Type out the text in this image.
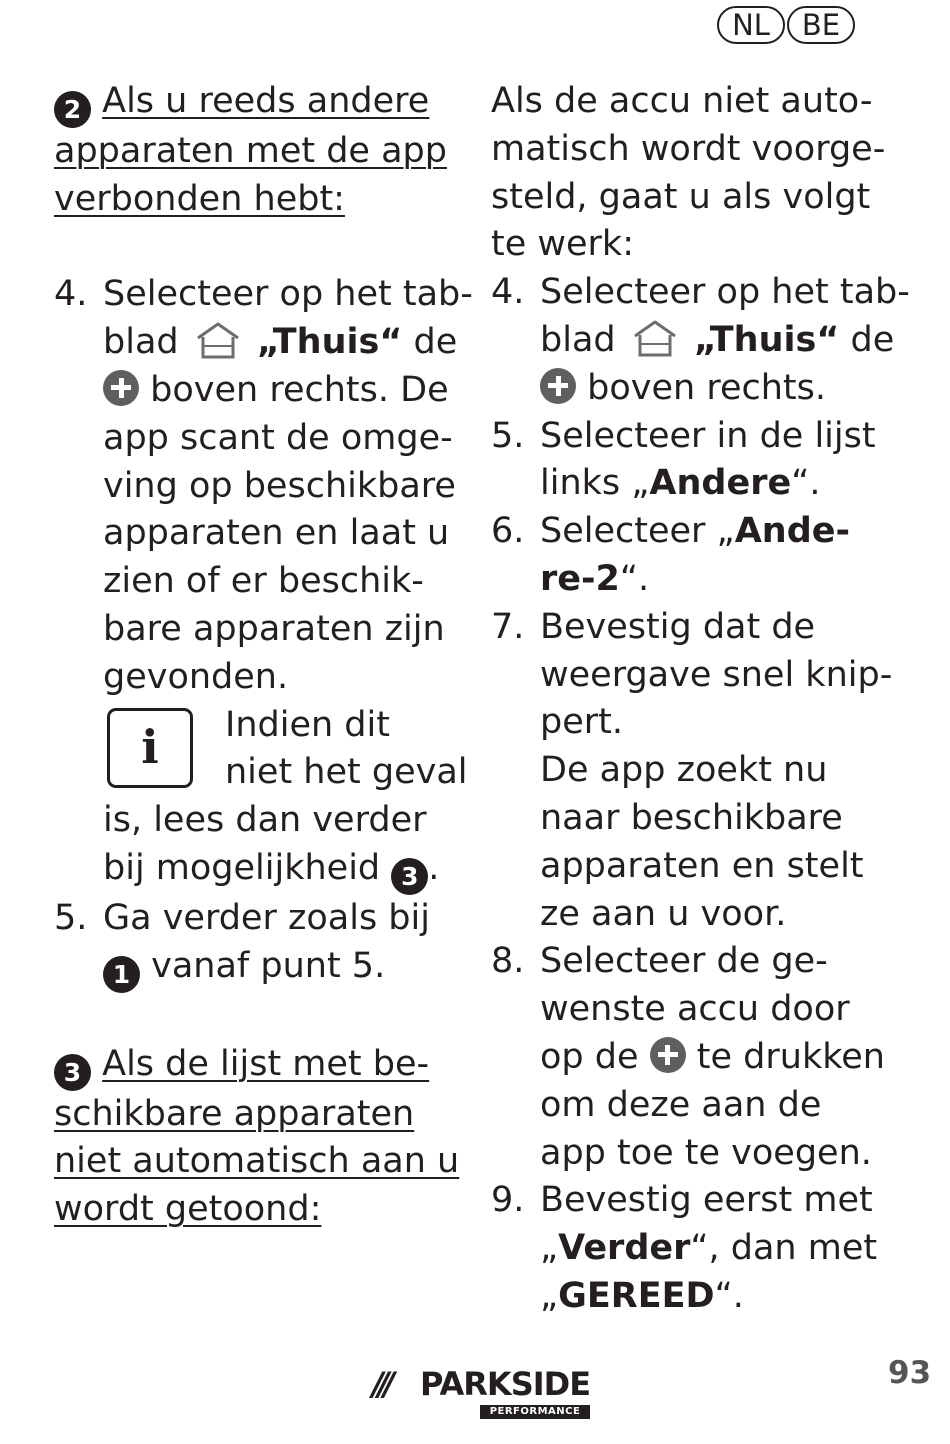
NL	BE
2 Als u reeds andere
apparaten met de app
verbonden hebt:
4. Selecteer op het tab-
blad „Thuis“ de
boven rechts. De
app scant de omge-
ving op beschikbare
apparaten en laat u
zien of er beschik-
bare apparaten zijn
gevonden.
i	Indien dit
niet het geval
is, lees dan verder
bij mogelijkheid 3 .
5. Ga verder zoals bij
1 vanaf punt 5.
3 Als de lijst met be-
schikbare apparaten
niet automatisch aan u
wordt getoond:
Als de accu niet auto-
matisch wordt voorge-
steld, gaat u als volgt
te werk:
4. Selecteer op het tab-
blad „Thuis“ de
boven rechts.
5. Selecteer in de lijst
links „Andere“.
6. Selecteer „Ande-
re-2“.
7. Bevestig dat de
weergave snel knip-
pert.
De app zoekt nu
naar beschikbare
apparaten en stelt
ze aan u voor.
8. Selecteer de ge-
wenste accu door
op de te drukken
om deze aan de
app toe te voegen.
9. Bevestig eerst met
„Verder“, dan met
„GEREED“.
/// PARKSIDE
PERFORMANCE
93
